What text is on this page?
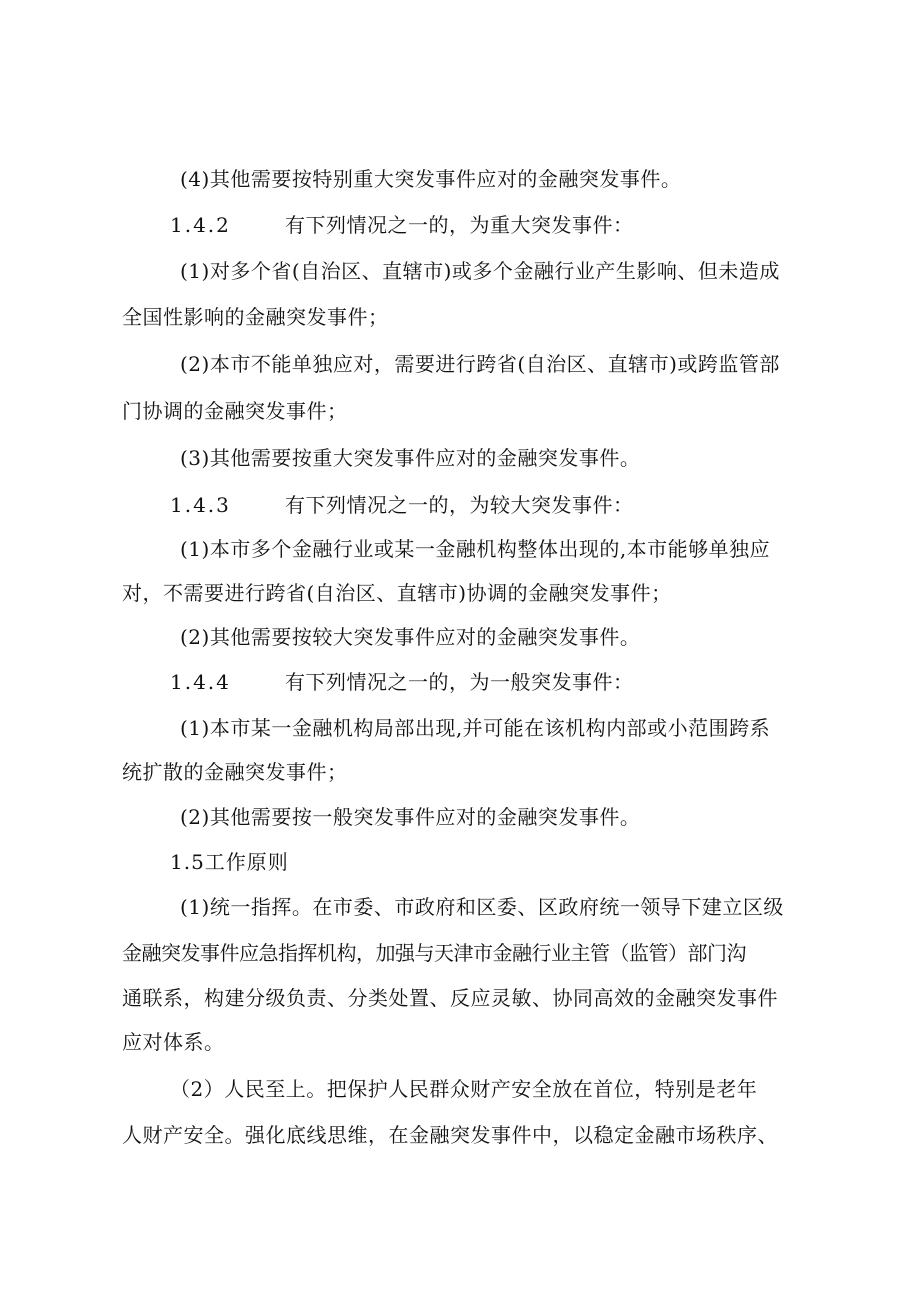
(4)其他需要按特别重大突发事件应对的金融突发事件。
1.4.2	有下列情况之一的，为重大突发事件：
(1)对多个省(自治区、直辖市)或多个金融行业产生影响、但未造成
全国性影响的金融突发事件；
(2)本市不能单独应对，需要进行跨省(自治区、直辖市)或跨监管部
门协调的金融突发事件；
(3)其他需要按重大突发事件应对的金融突发事件。
1.4.3	有下列情况之一的，为较大突发事件：
(1)本市多个金融行业或某一金融机构整体出现的,本市能够单独应
对，不需要进行跨省(自治区、直辖市)协调的金融突发事件；
(2)其他需要按较大突发事件应对的金融突发事件。
1.4.4	有下列情况之一的，为一般突发事件：
(1)本市某一金融机构局部出现,并可能在该机构内部或小范围跨系
统扩散的金融突发事件；
(2)其他需要按一般突发事件应对的金融突发事件。
1.5工作原则
(1)统一指挥。在市委、市政府和区委、区政府统一领导下建立区级
金融突发事件应急指挥机构，加强与天津市金融行业主管（监管）部门沟
通联系，构建分级负责、分类处置、反应灵敏、协同高效的金融突发事件
应对体系。
（2）人民至上。把保护人民群众财产安全放在首位，特别是老年
人财产安全。强化底线思维，在金融突发事件中，以稳定金融市场秩序、
